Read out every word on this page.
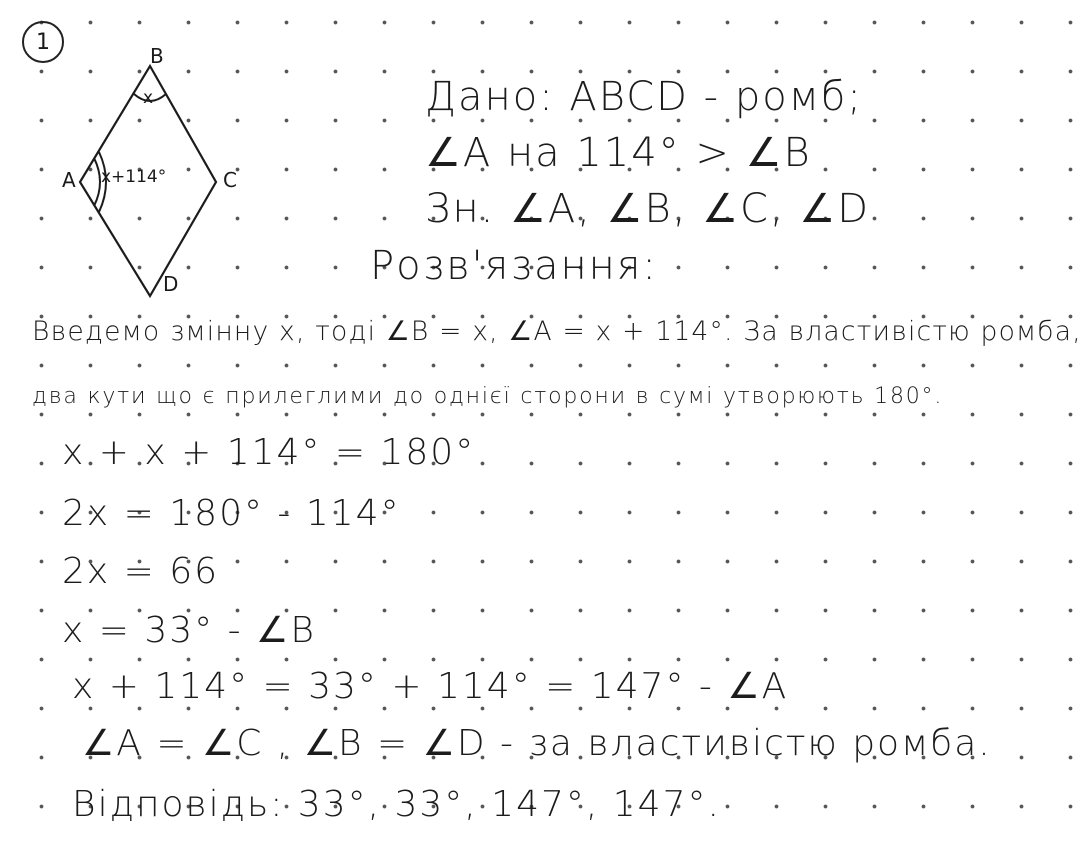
1
B
C
A
D
x
x+114°
Дано: ABCD - ромб;
∠A на 114° > ∠B
Зн. ∠A, ∠B, ∠C, ∠D
Розв'язання:
Введемо змінну x, тоді ∠B = x, ∠A = x + 114°. За властивістю ромба,
два кути що є прилеглими до однієї сторони в сумі утворюють 180°.
x + x + 114° = 180°
2x = 180° - 114°
2x = 66
x = 33° - ∠B
x + 114° = 33° + 114° = 147° - ∠A
∠A = ∠C , ∠B = ∠D - за властивістю ромба.
Відповідь: 33°, 33°, 147°, 147°.
